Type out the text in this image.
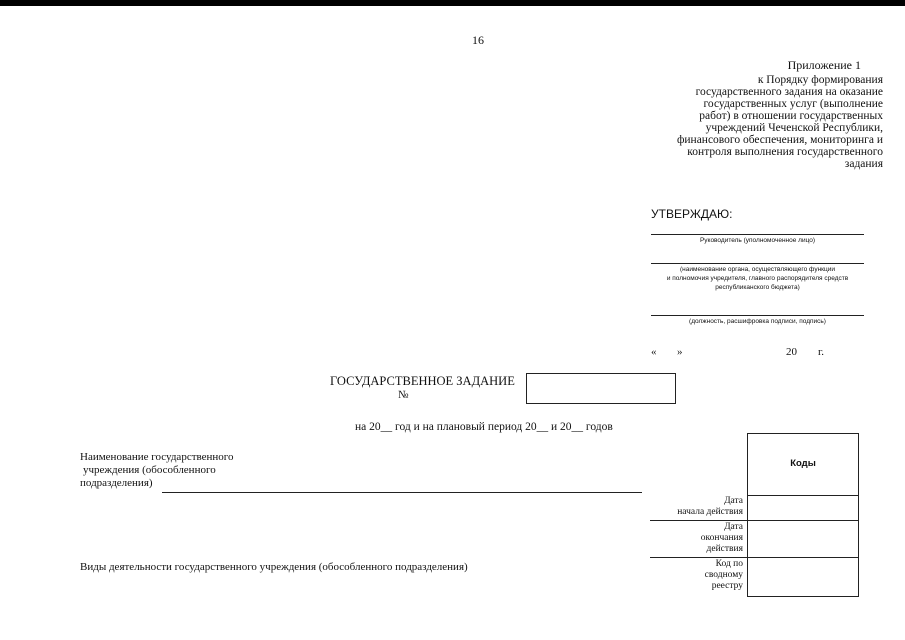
16
Приложение 1
к Порядку формирования
государственного задания на оказание
государственных услуг (выполнение
работ) в отношении государственных
учреждений Чеченской Республики,
финансового обеспечения, мониторинга и
контроля выполнения государственного
задания
УТВЕРЖДАЮ:
Руководитель (уполномоченное лицо)
(наименование органа, осуществляющего функции
и полномочия учредителя, главного распорядителя средств
республиканского бюджета)
(должность, расшифровка подписи, подпись)
« »	20 г.
ГОСУДАРСТВЕННОЕ ЗАДАНИЕ
№
на 20__ год и на плановый период 20__ и 20__ годов
Наименование государственного
учреждения (обособленного
подразделения)
Виды деятельности государственного учреждения (обособленного подразделения)
Дата
начала действия
Дата
окончания
действия
Код по
сводному
реестру
Коды
